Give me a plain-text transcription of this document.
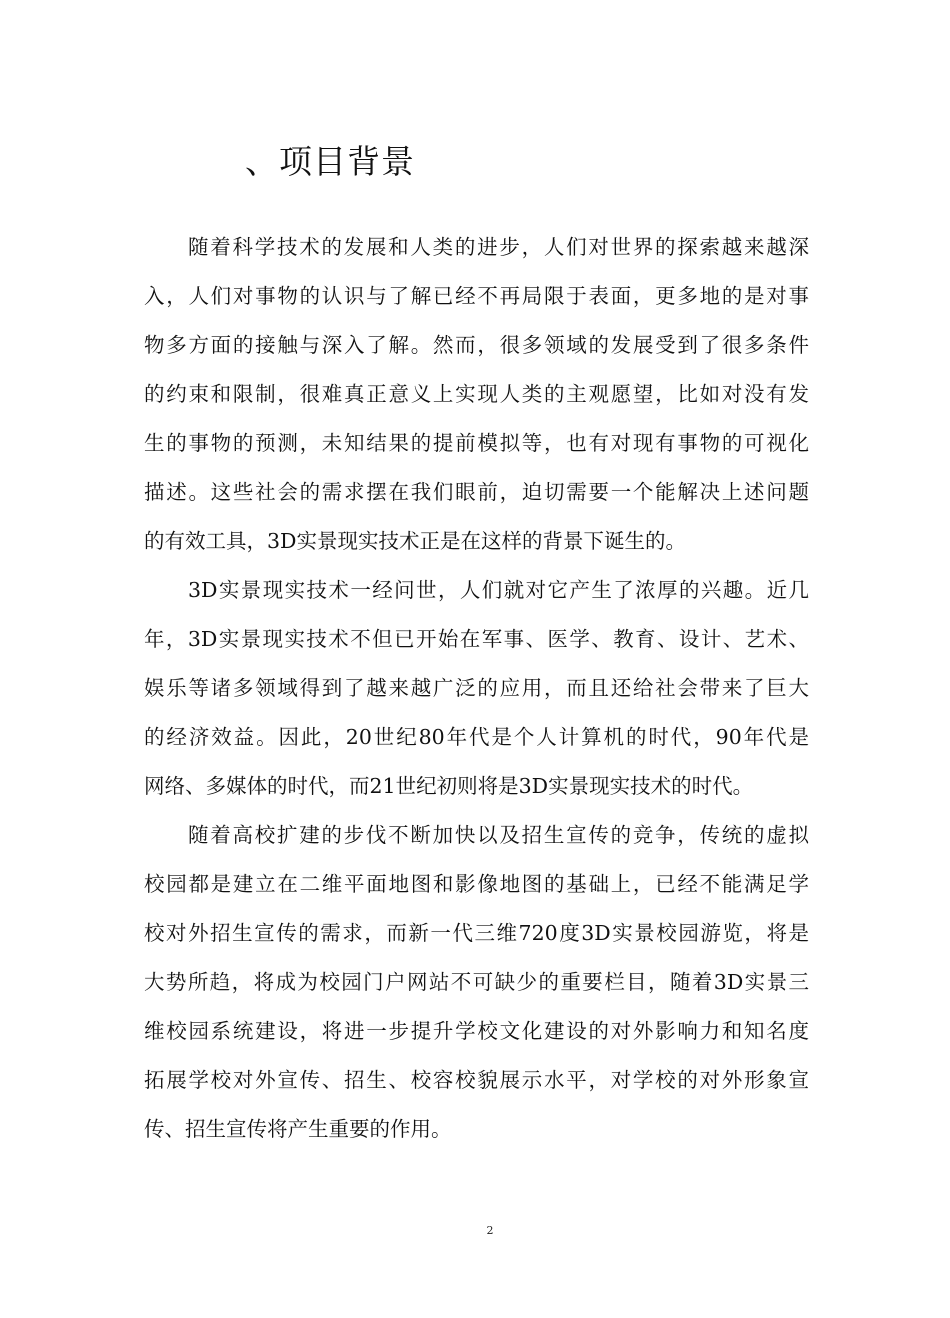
、项目背景
随着科学技术的发展和人类的进步，人们对世界的探索越来越深
入，人们对事物的认识与了解已经不再局限于表面，更多地的是对事
物多方面的接触与深入了解。然而，很多领域的发展受到了很多条件
的约束和限制，很难真正意义上实现人类的主观愿望，比如对没有发
生的事物的预测，未知结果的提前模拟等，也有对现有事物的可视化
描述。这些社会的需求摆在我们眼前，迫切需要一个能解决上述问题
的有效工具，3D实景现实技术正是在这样的背景下诞生的。
3D实景现实技术一经问世，人们就对它产生了浓厚的兴趣。近几
年，3D实景现实技术不但已开始在军事、医学、教育、设计、艺术、
娱乐等诸多领域得到了越来越广泛的应用，而且还给社会带来了巨大
的经济效益。因此，20世纪80年代是个人计算机的时代，90年代是
网络、多媒体的时代，而21世纪初则将是3D实景现实技术的时代。
随着高校扩建的步伐不断加快以及招生宣传的竞争，传统的虚拟
校园都是建立在二维平面地图和影像地图的基础上，已经不能满足学
校对外招生宣传的需求，而新一代三维720度3D实景校园游览，将是
大势所趋，将成为校园门户网站不可缺少的重要栏目，随着3D实景三
维校园系统建设，将进一步提升学校文化建设的对外影响力和知名度
拓展学校对外宣传、招生、校容校貌展示水平，对学校的对外形象宣
传、招生宣传将产生重要的作用。
2
